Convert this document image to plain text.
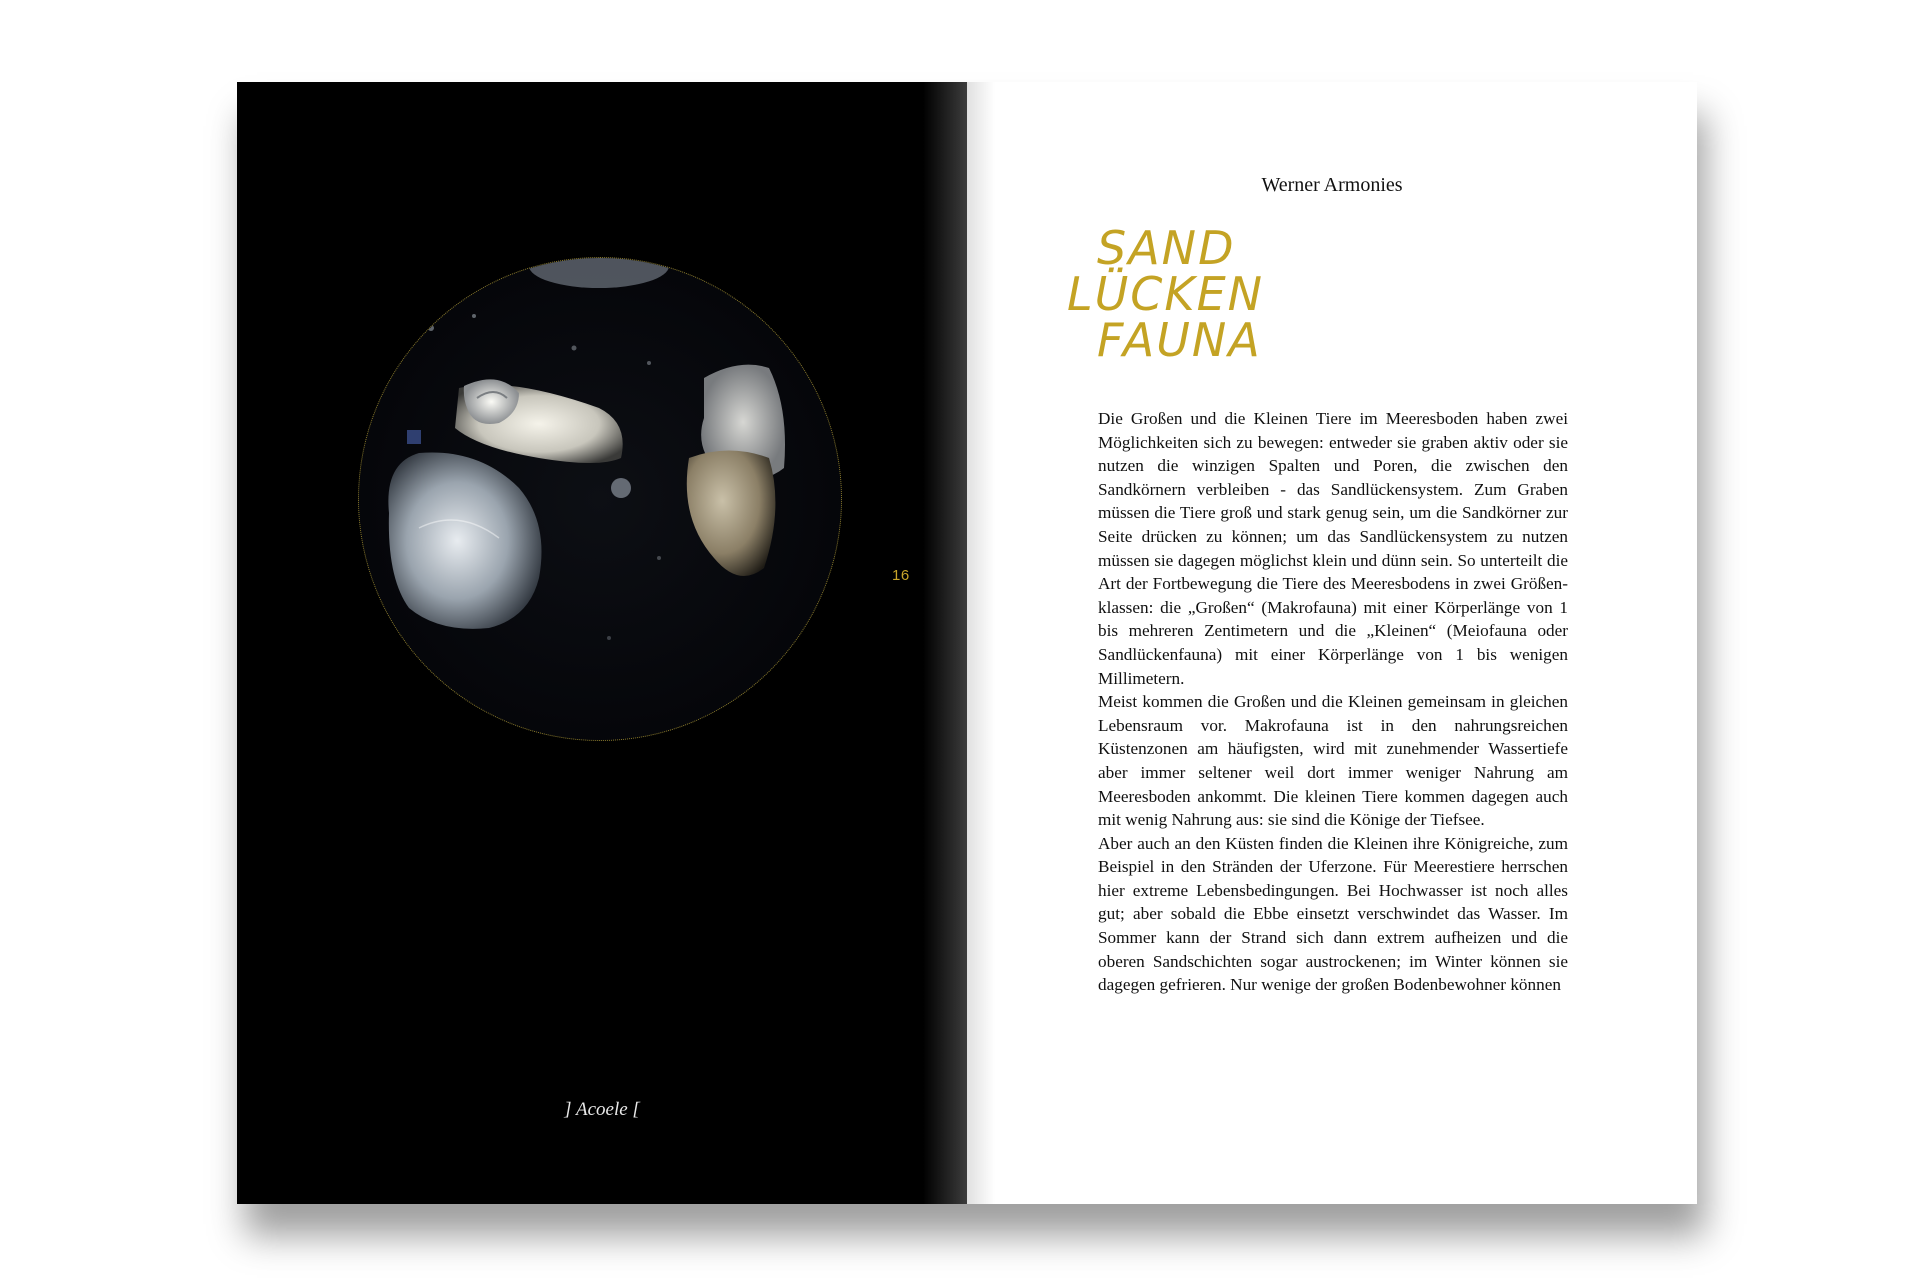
16
] Acoele [
Werner Armonies
SAND
LÜCKEN
FAUNA

Die Großen und die Kleinen Tiere im Meeresboden haben zwei Möglichkeiten sich zu bewegen: entweder sie graben aktiv oder sie nutzen die winzigen Spalten und Poren, die zwischen den Sandkörnern verbleiben - das Sandlückensystem. Zum Graben müssen die Tiere groß und stark genug sein, um die Sandkörner zur Seite drücken zu können; um das Sandlückensystem zu nutzen müssen sie dagegen möglichst klein und dünn sein. So unterteilt die Art der Fortbewegung die Tiere des Meeresbodens in zwei Größenklassen: die „Großen“ (Makrofauna) mit einer Körperlänge von 1 bis mehreren Zentimetern und die „Kleinen“ (Meiofauna oder Sandlückenfauna) mit einer Körperlänge von 1 bis wenigen Millimetern.

Meist kommen die Großen und die Kleinen gemeinsam in gleichen Lebensraum vor. Makrofauna ist in den nahrungsreichen Küstenzonen am häufigsten, wird mit zunehmender Wassertiefe aber immer seltener weil dort immer weniger Nahrung am Meeresboden ankommt. Die kleinen Tiere kommen dagegen auch mit wenig Nahrung aus: sie sind die Könige der Tiefsee.

Aber auch an den Küsten finden die Kleinen ihre Königreiche, zum Beispiel in den Stränden der Uferzone. Für Meerestiere herrschen hier extreme Lebensbedingungen. Bei Hochwasser ist noch alles gut; aber sobald die Ebbe einsetzt verschwindet das Wasser. Im Sommer kann der Strand sich dann extrem aufheizen und die oberen Sandschichten sogar austrockenen; im Winter können sie dagegen gefrieren. Nur wenige der großen Bodenbewohner können
